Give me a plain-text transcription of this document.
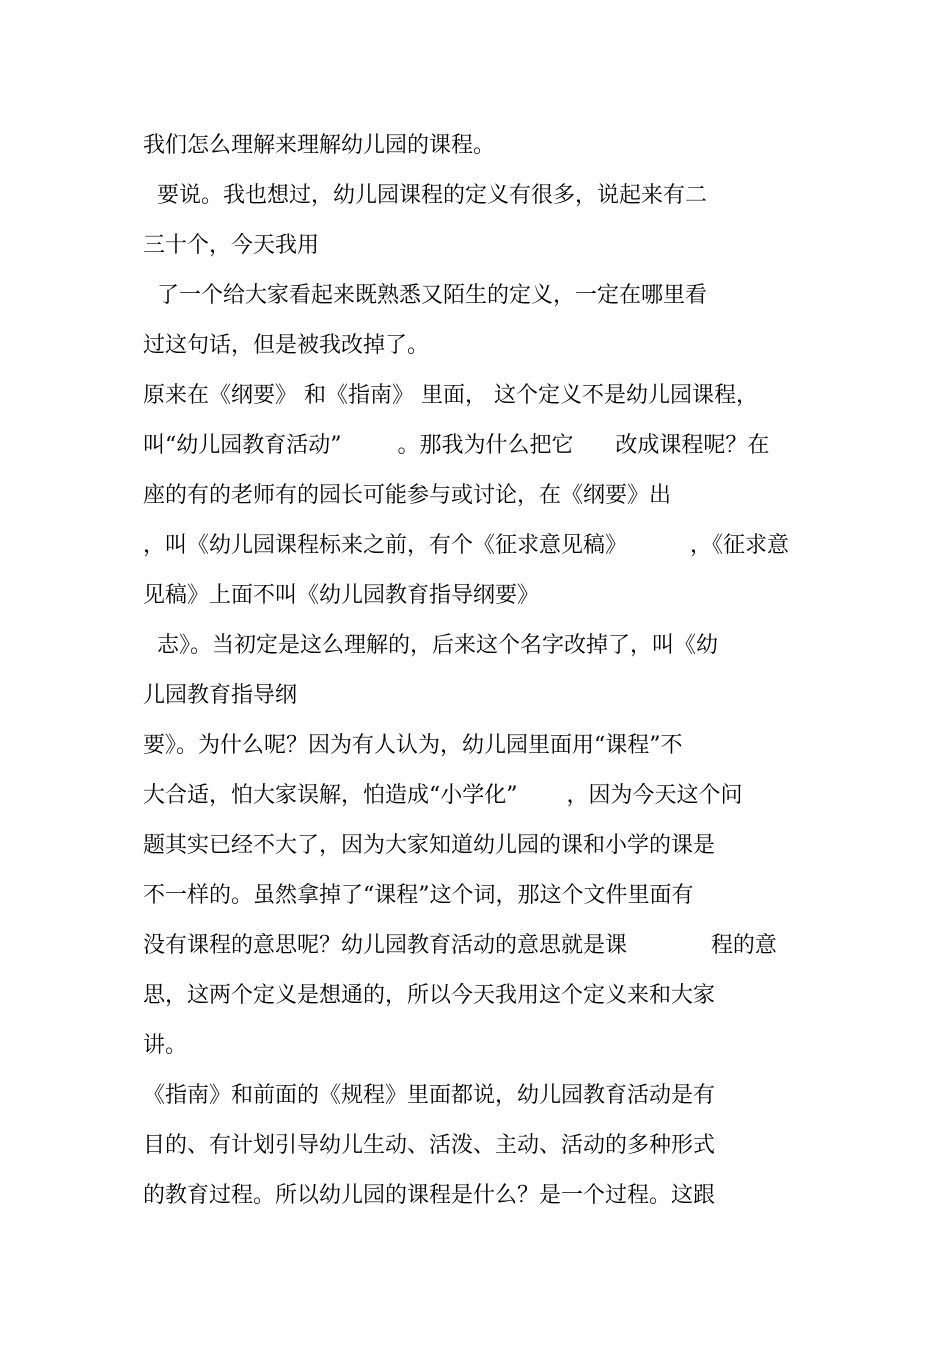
我们怎么理解来理解幼儿园的课程。
要说。我也想过，幼儿园课程的定义有很多，说起来有二
三十个，今天我用
了一个给大家看起来既熟悉又陌生的定义，一定在哪里看
过这句话，但是被我改掉了。
原来在《纲要》 和《指南》 里面， 这个定义不是幼儿园课程，
叫“幼儿园教育活动”        。那我为什么把它      改成课程呢？在
座的有的老师有的园长可能参与或讨论，在《纲要》出
，叫《幼儿园课程标来之前，有个《征求意见稿》         ，《征求意
见稿》上面不叫《幼儿园教育指导纲要》
志》。当初定是这么理解的，后来这个名字改掉了，叫《幼
儿园教育指导纲
要》。为什么呢？因为有人认为，幼儿园里面用“课程”不
大合适，怕大家误解，怕造成“小学化”       ，因为今天这个问
题其实已经不大了，因为大家知道幼儿园的课和小学的课是
不一样的。虽然拿掉了“课程”这个词，那这个文件里面有
没有课程的意思呢？幼儿园教育活动的意思就是课            程的意
思，这两个定义是想通的，所以今天我用这个定义来和大家
讲。
《指南》和前面的《规程》里面都说，幼儿园教育活动是有
目的、有计划引导幼儿生动、活泼、主动、活动的多种形式
的教育过程。所以幼儿园的课程是什么？是一个过程。这跟
